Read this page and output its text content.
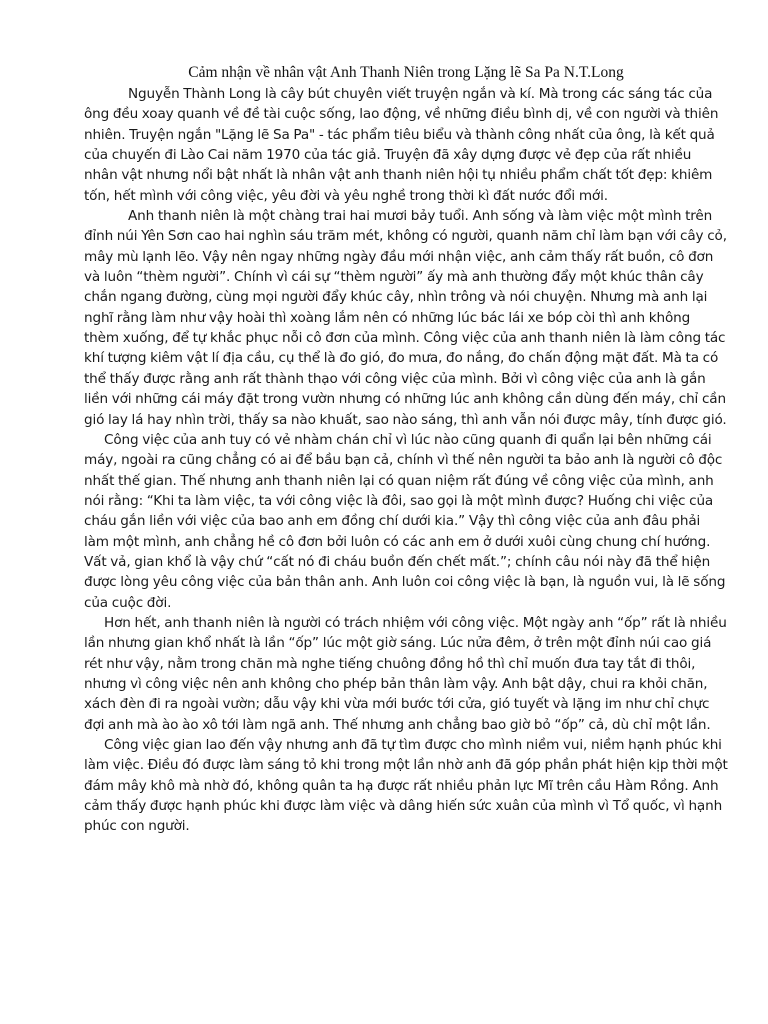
Cảm nhận về nhân vật Anh Thanh Niên trong Lặng lẽ Sa Pa N.T.Long

Nguyễn Thành Long là cây bút chuyên viết truyện ngắn và kí. Mà trong các sáng tác của ông đều xoay quanh về đề tài cuộc sống, lao động, về những điều bình dị, về con người và thiên nhiên. Truyện ngắn "Lặng lẽ Sa Pa" - tác phẩm tiêu biểu và thành công nhất của ông, là kết quả của chuyến đi Lào Cai năm 1970 của tác giả. Truyện đã xây dựng được vẻ đẹp của rất nhiều nhân vật nhưng nổi bật nhất là nhân vật anh thanh niên hội tụ nhiều phẩm chất tốt đẹp: khiêm tốn, hết mình với công việc, yêu đời và yêu nghề trong thời kì đất nước đổi mới.

Anh thanh niên là một chàng trai hai mươi bảy tuổi. Anh sống và làm việc một mình trên đỉnh núi Yên Sơn cao hai nghìn sáu trăm mét, không có người, quanh năm chỉ làm bạn với cây cỏ, mây mù lạnh lẽo. Vậy nên ngay những ngày đầu mới nhận việc, anh cảm thấy rất buồn, cô đơn và luôn “thèm người”. Chính vì cái sự “thèm người” ấy mà anh thường đẩy một khúc thân cây chắn ngang đường, cùng mọi người đẩy khúc cây, nhìn trông và nói chuyện. Nhưng mà anh lại nghĩ rằng làm như vậy hoài thì xoàng lắm nên có những lúc bác lái xe bóp còi thì anh không thèm xuống, để tự khắc phục nỗi cô đơn của mình. Công việc của anh thanh niên là làm công tác khí tượng kiêm vật lí địa cầu, cụ thể là đo gió, đo mưa, đo nắng, đo chấn động mặt đất. Mà ta có thể thấy được rằng anh rất thành thạo với công việc của mình. Bởi vì công việc của anh là gắn liền với những cái máy đặt trong vườn nhưng có những lúc anh không cần dùng đến máy, chỉ cần gió lay lá hay nhìn trời, thấy sa nào khuất, sao nào sáng, thì anh vẫn nói được mây, tính được gió.

Công việc của anh tuy có vẻ nhàm chán chỉ vì lúc nào cũng quanh đi quẩn lại bên những cái máy, ngoài ra cũng chẳng có ai để bầu bạn cả, chính vì thế nên người ta bảo anh là người cô độc nhất thế gian. Thế nhưng anh thanh niên lại có quan niệm rất đúng về công việc của mình, anh nói rằng: “Khi ta làm việc, ta với công việc là đôi, sao gọi là một mình được? Huống chi việc của cháu gắn liền với việc của bao anh em đồng chí dưới kia.” Vậy thì công việc của anh đâu phải làm một mình, anh chẳng hề cô đơn bởi luôn có các anh em ở dưới xuôi cùng chung chí hướng. Vất vả, gian khổ là vậy chứ “cất nó đi cháu buồn đến chết mất.”; chính câu nói này đã thể hiện được lòng yêu công việc của bản thân anh. Anh luôn coi công việc là bạn, là nguồn vui, là lẽ sống của cuộc đời.

Hơn hết, anh thanh niên là người có trách nhiệm với công việc. Một ngày anh “ốp” rất là nhiều lần nhưng gian khổ nhất là lần “ốp” lúc một giờ sáng. Lúc nửa đêm, ở trên một đỉnh núi cao giá rét như vậy, nằm trong chăn mà nghe tiếng chuông đồng hồ thì chỉ muốn đưa tay tắt đi thôi, nhưng vì công việc nên anh không cho phép bản thân làm vậy. Anh bật dậy, chui ra khỏi chăn, xách đèn đi ra ngoài vườn; dẫu vậy khi vừa mới bước tới cửa, gió tuyết và lặng im như chỉ chực đợi anh mà ào ào xô tới làm ngã anh. Thế nhưng anh chẳng bao giờ bỏ “ốp” cả, dù chỉ một lần.

Công việc gian lao đến vậy nhưng anh đã tự tìm được cho mình niềm vui, niềm hạnh phúc khi làm việc. Điều đó được làm sáng tỏ khi trong một lần nhờ anh đã góp phần phát hiện kịp thời một đám mây khô mà nhờ đó, không quân ta hạ được rất nhiều phản lực Mĩ trên cầu Hàm Rồng. Anh cảm thấy được hạnh phúc khi được làm việc và dâng hiến sức xuân của mình vì Tổ quốc, vì hạnh phúc con người.
